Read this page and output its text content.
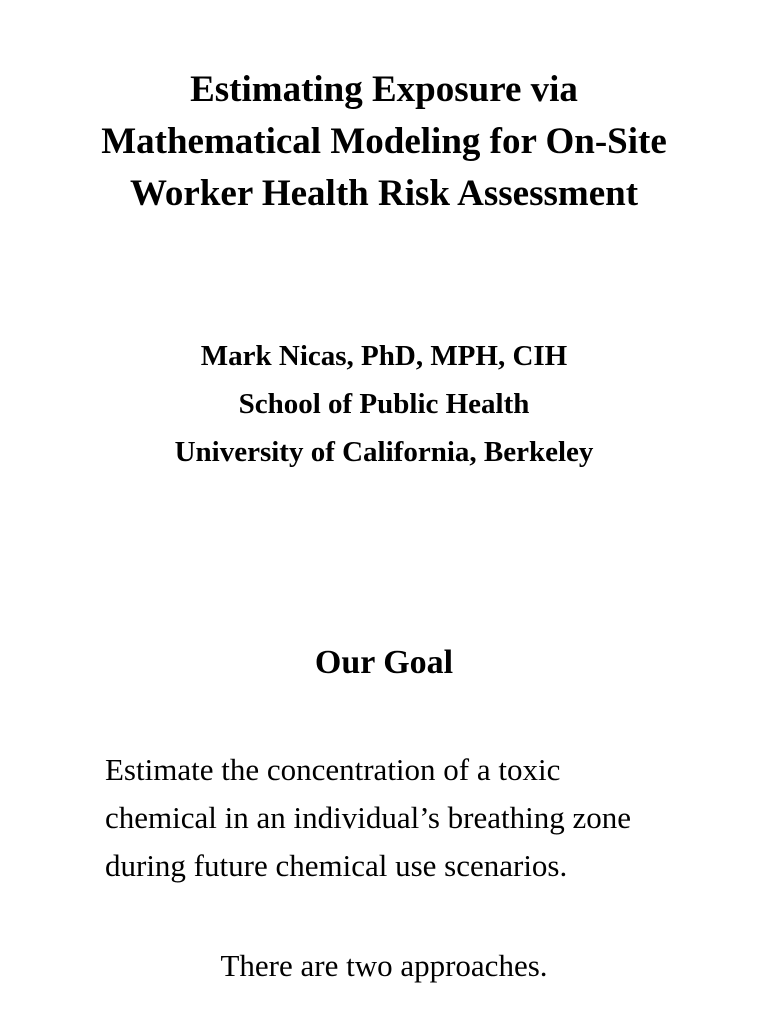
Estimating Exposure via
Mathematical Modeling for On-Site
Worker Health Risk Assessment
Mark Nicas, PhD, MPH, CIH
School of Public Health
University of California, Berkeley
Our Goal

Estimate the concentration of a toxic
chemical in an individual’s breathing zone
during future chemical use scenarios.

There are two approaches.
